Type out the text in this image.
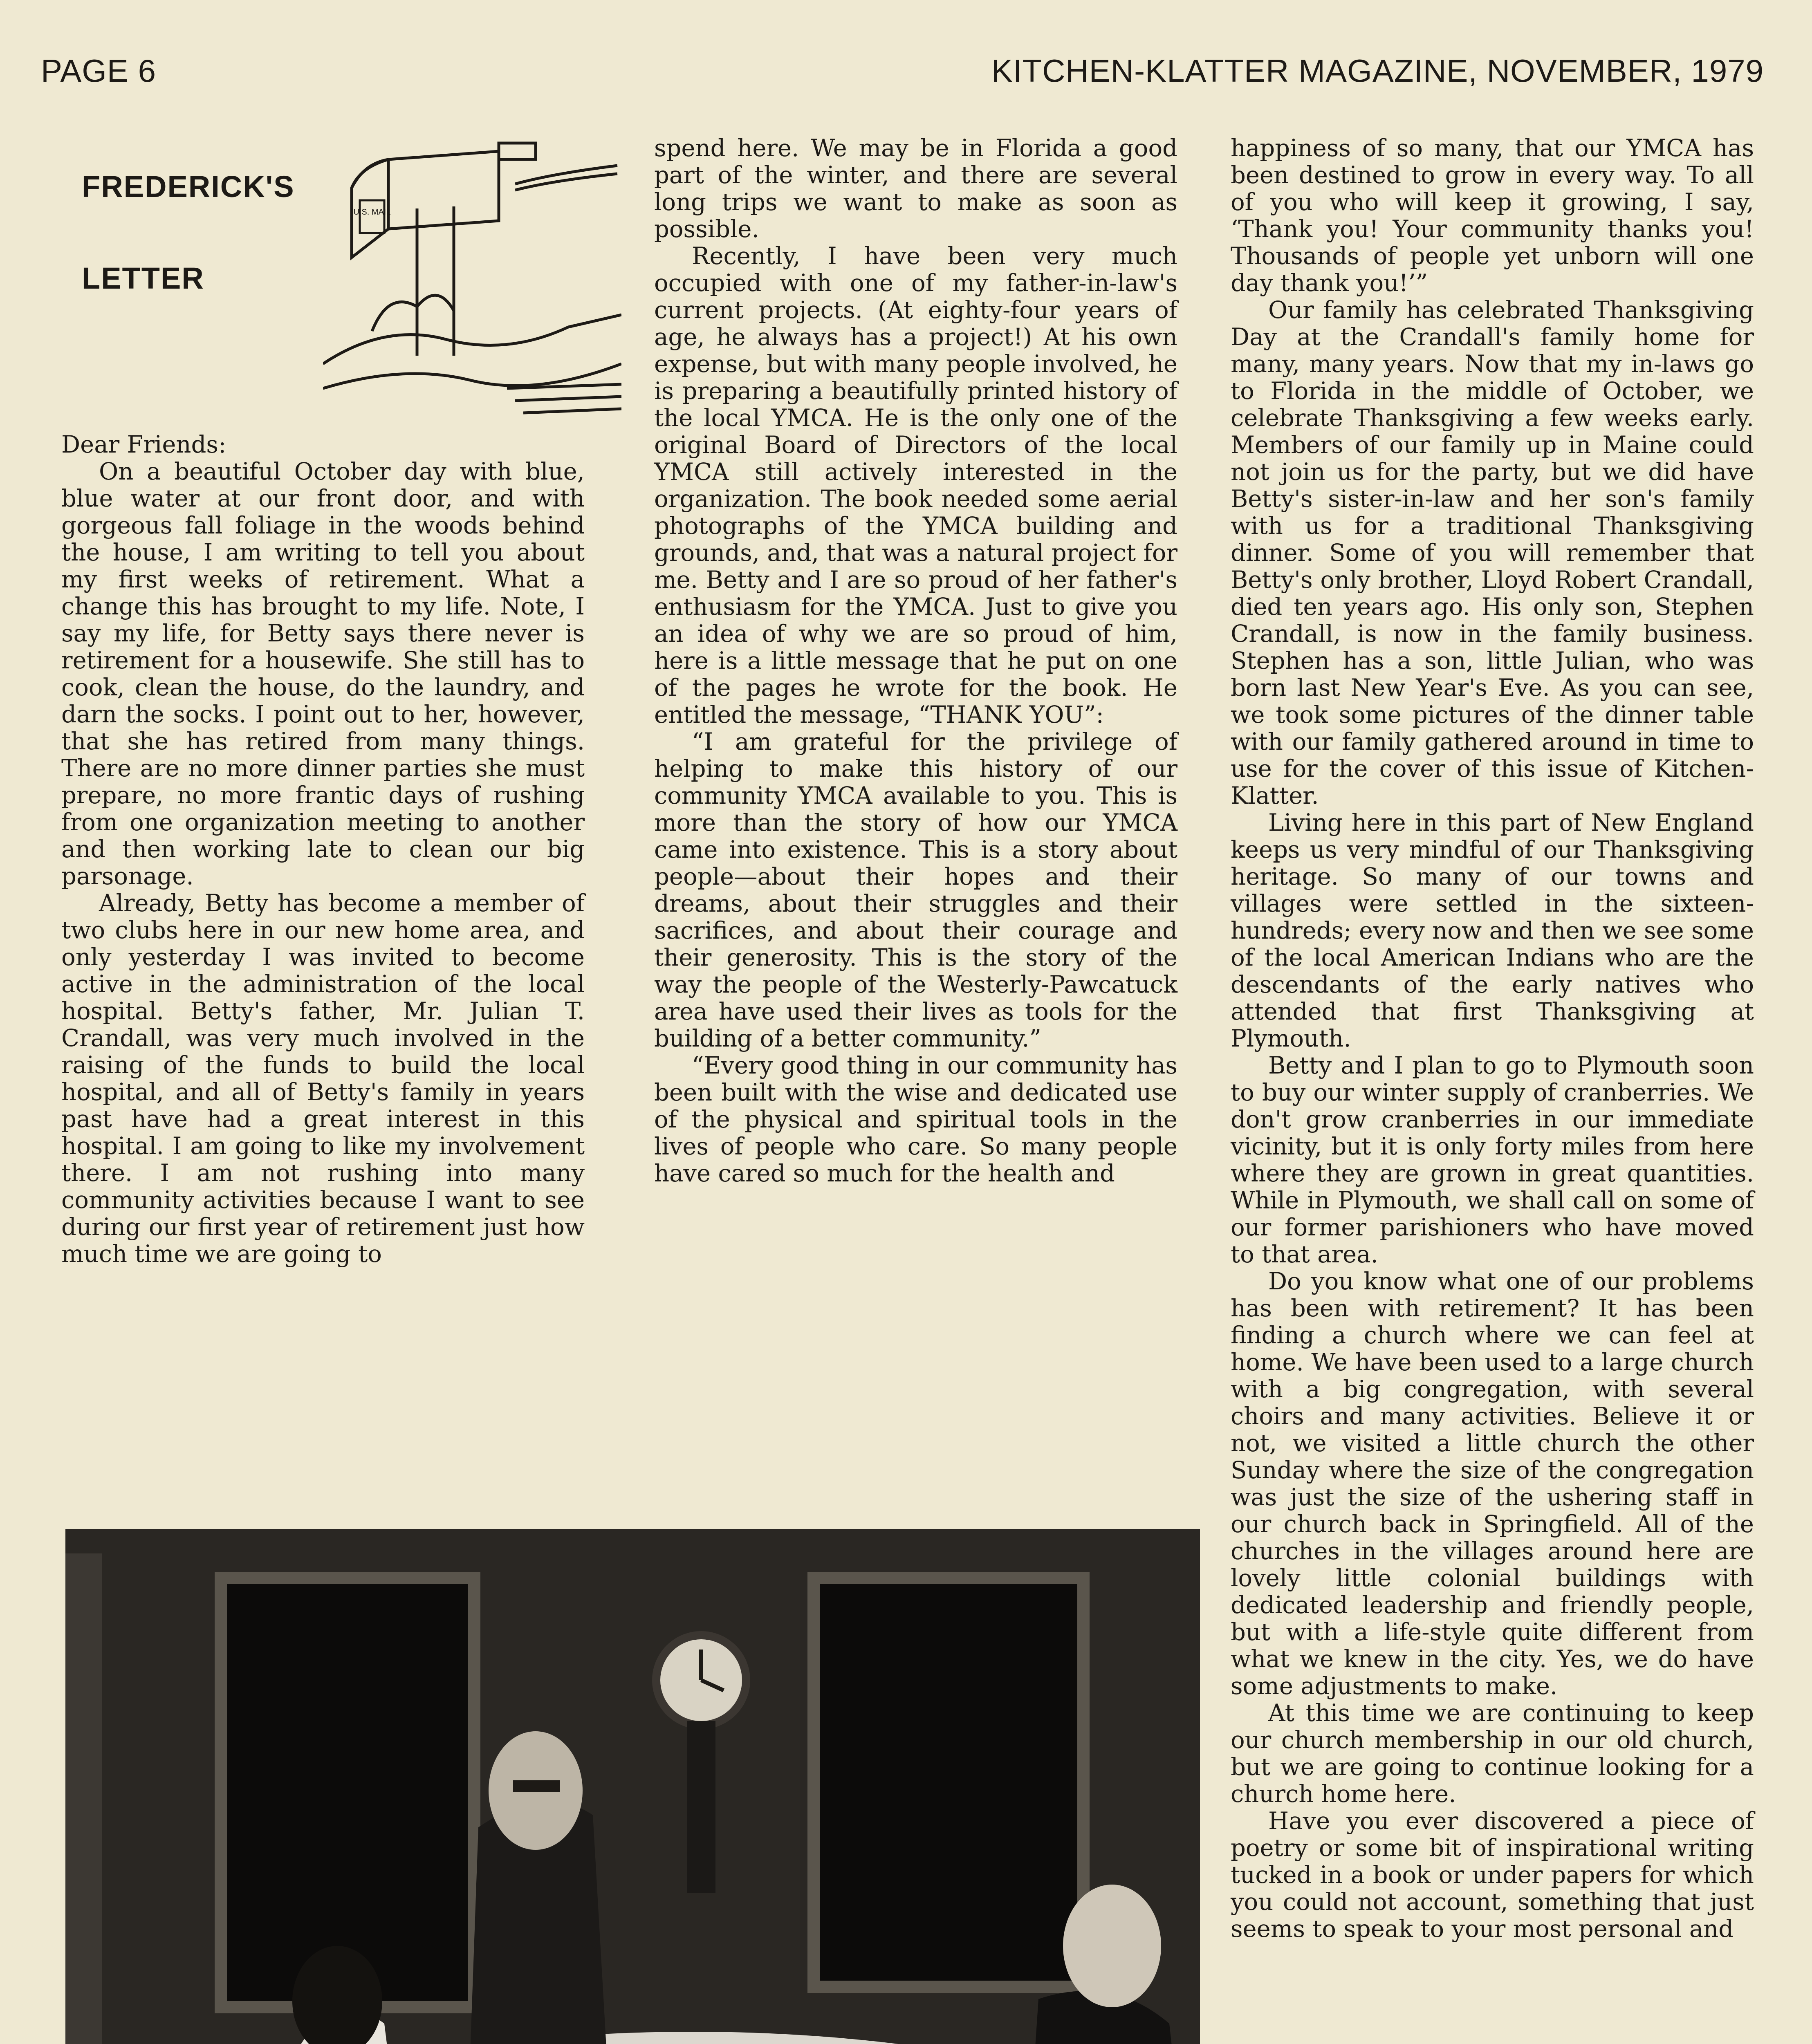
PAGE 6	KITCHEN-KLATTER MAGAZINE, NOVEMBER, 1979
FREDERICK'S
LETTER
U.S. MAIL

Dear Friends:

On a beautiful October day with blue, blue water at our front door, and with gorgeous fall foliage in the woods behind the house, I am writing to tell you about my first weeks of retirement. What a change this has brought to my life. Note, I say my life, for Betty says there never is retirement for a housewife. She still has to cook, clean the house, do the laundry, and darn the socks. I point out to her, however, that she has retired from many things. There are no more dinner parties she must prepare, no more frantic days of rushing from one organization meeting to another and then working late to clean our big parsonage.

Already, Betty has become a member of two clubs here in our new home area, and only yesterday I was invited to become active in the administration of the local hospital. Betty's father, Mr. Julian T. Crandall, was very much involved in the raising of the funds to build the local hospital, and all of Betty's family in years past have had a great interest in this hospital. I am going to like my involvement there. I am not rushing into many community activities because I want to see during our first year of retirement just how much time we are going to

spend here. We may be in Florida a good part of the winter, and there are several long trips we want to make as soon as possible.

Recently, I have been very much occupied with one of my father-in-law's current projects. (At eighty-four years of age, he always has a project!) At his own expense, but with many people involved, he is preparing a beautifully printed history of the local YMCA. He is the only one of the original Board of Directors of the local YMCA still actively interested in the organization. The book needed some aerial photographs of the YMCA building and grounds, and, that was a natural project for me. Betty and I are so proud of her father's enthusiasm for the YMCA. Just to give you an idea of why we are so proud of him, here is a little message that he put on one of the pages he wrote for the book. He entitled the message, “THANK YOU”:

“I am grateful for the privilege of helping to make this history of our community YMCA available to you. This is more than the story of how our YMCA came into existence. This is a story about people—about their hopes and their dreams, about their struggles and their sacrifices, and about their courage and their generosity. This is the story of the way the people of the Westerly-Pawcatuck area have used their lives as tools for the building of a better community.”

“Every good thing in our community has been built with the wise and dedicated use of the physical and spiritual tools in the lives of people who care. So many people have cared so much for the health and

happiness of so many, that our YMCA has been destined to grow in every way. To all of you who will keep it growing, I say, ‘Thank you! Your community thanks you! Thousands of people yet unborn will one day thank you!’”

Our family has celebrated Thanksgiving Day at the Crandall's family home for many, many years. Now that my in-laws go to Florida in the middle of October, we celebrate Thanksgiving a few weeks early. Members of our family up in Maine could not join us for the party, but we did have Betty's sister-in-law and her son's family with us for a traditional Thanksgiving dinner. Some of you will remember that Betty's only brother, Lloyd Robert Crandall, died ten years ago. His only son, Stephen Crandall, is now in the family business. Stephen has a son, little Julian, who was born last New Year's Eve. As you can see, we took some pictures of the dinner table with our family gathered around in time to use for the cover of this issue of Kitchen-Klatter.

Living here in this part of New England keeps us very mindful of our Thanksgiving heritage. So many of our towns and villages were settled in the sixteen-hundreds; every now and then we see some of the local American Indians who are the descendants of the early natives who attended that first Thanksgiving at Plymouth.

Betty and I plan to go to Plymouth soon to buy our winter supply of cranberries. We don't grow cranberries in our immediate vicinity, but it is only forty miles from here where they are grown in great quantities. While in Plymouth, we shall call on some of our former parishioners who have moved to that area.

Do you know what one of our problems has been with retirement? It has been finding a church where we can feel at home. We have been used to a large church with a big congregation, with several choirs and many activities. Believe it or not, we visited a little church the other Sunday where the size of the congregation was just the size of the ushering staff in our church back in Springfield. All of the churches in the villages around here are lovely little colonial buildings with dedicated leadership and friendly people, but with a life-style quite different from what we knew in the city. Yes, we do have some adjustments to make.

At this time we are continuing to keep our church membership in our old church, but we are going to continue looking for a church home here.

Have you ever discovered a piece of poetry or some bit of inspirational writing tucked in a book or under papers for which you could not account, something that just seems to speak to your most personal and
